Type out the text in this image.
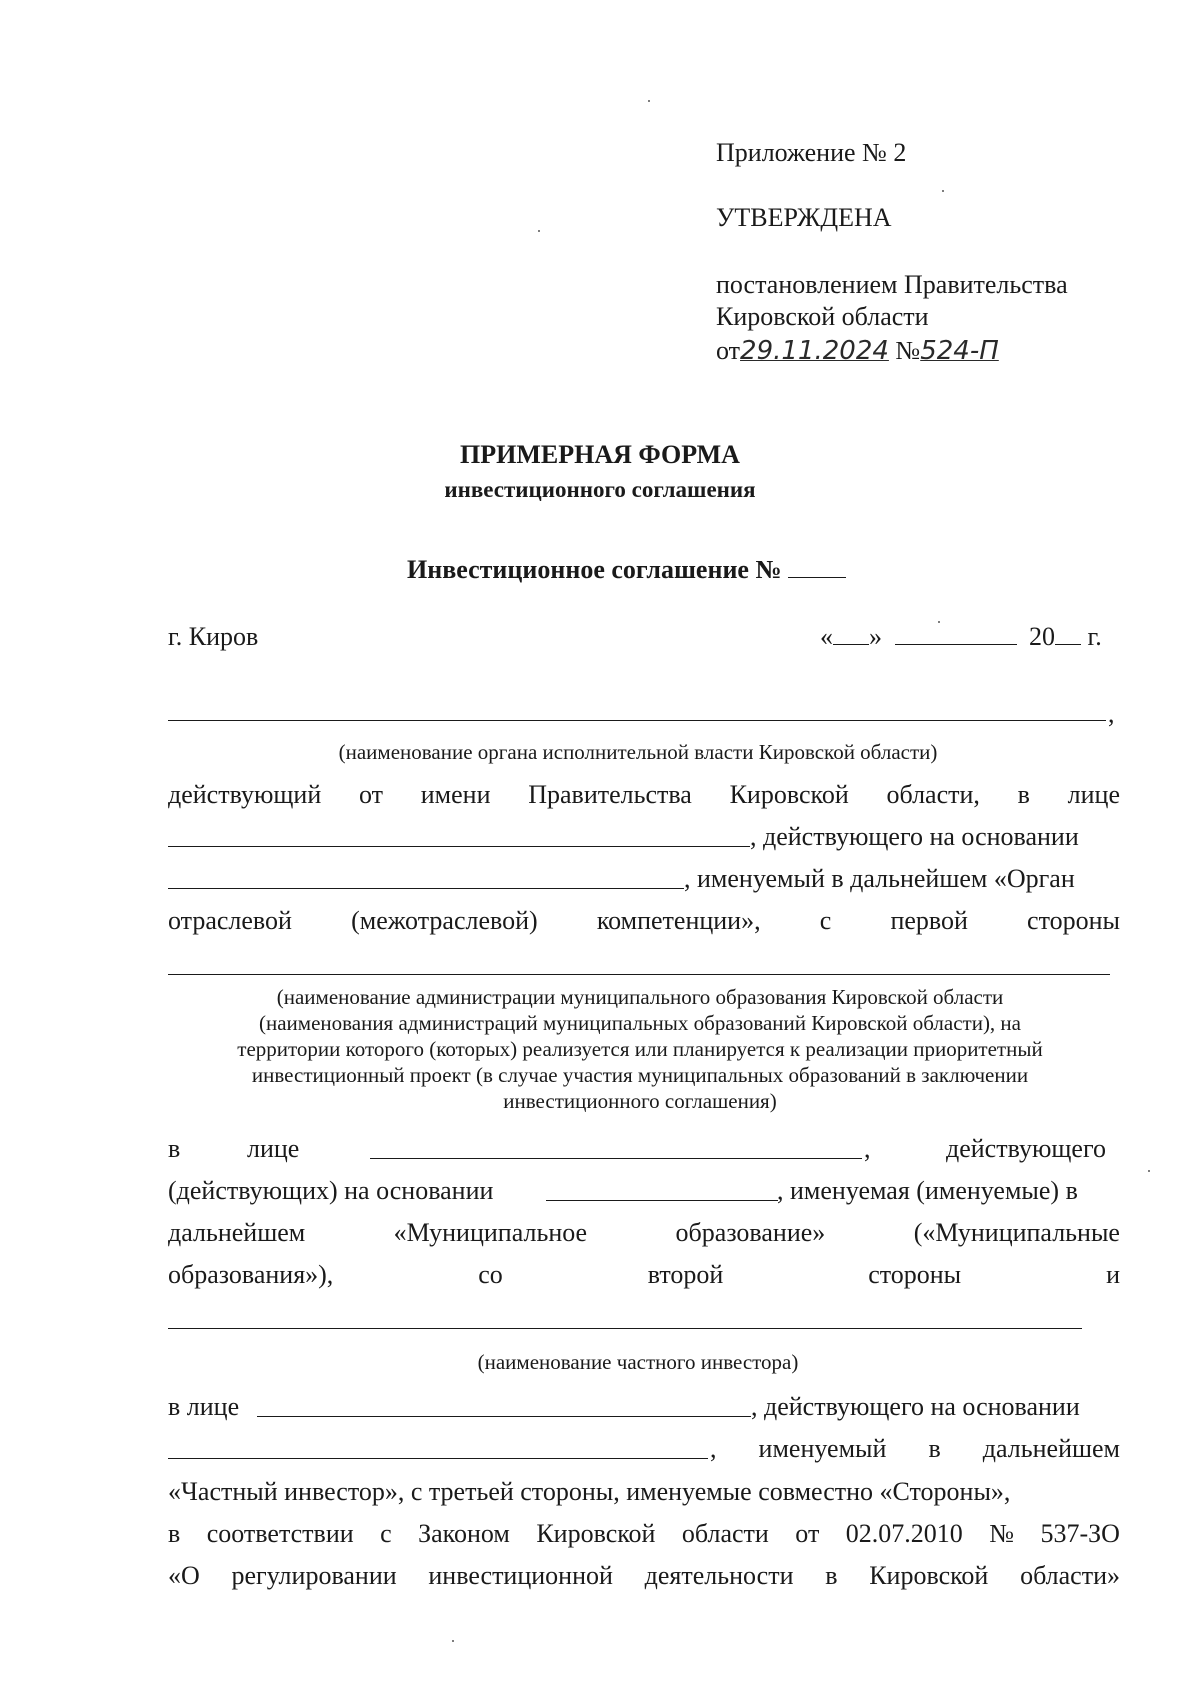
Приложение № 2
УТВЕРЖДЕНА
постановлением Правительства
Кировской области
от29.11.2024 №524-П
ПРИМЕРНАЯ ФОРМА
инвестиционного соглашения
Инвестиционное соглашение №
г. Киров	« »	20 г.
,
(наименование органа исполнительной власти Кировской области)
действующий от имени Правительства Кировской области, в лице
, действующего на основании
, именуемый в дальнейшем «Орган
отраслевой (межотраслевой) компетенции», с первой стороны
(наименование администрации муниципального образования Кировской области
(наименования администраций муниципальных образований Кировской области), на
территории которого (которых) реализуется или планируется к реализации приоритетный
инвестиционный проект (в случае участия муниципальных образований в заключении
инвестиционного соглашения)
в	лице	,	действующего
(действующих) на основании	, именуемая (именуемые) в
дальнейшем	«Муниципальное	образование»	(«Муниципальные
образования»),	со	второй	стороны	и
(наименование частного инвестора)
в лице	, действующего на основании
, именуемый в дальнейшем
«Частный инвестор», с третьей стороны, именуемые совместно «Стороны»,
в соответствии с Законом Кировской области от 02.07.2010 № 537-ЗО
«О регулировании инвестиционной деятельности в Кировской области»
